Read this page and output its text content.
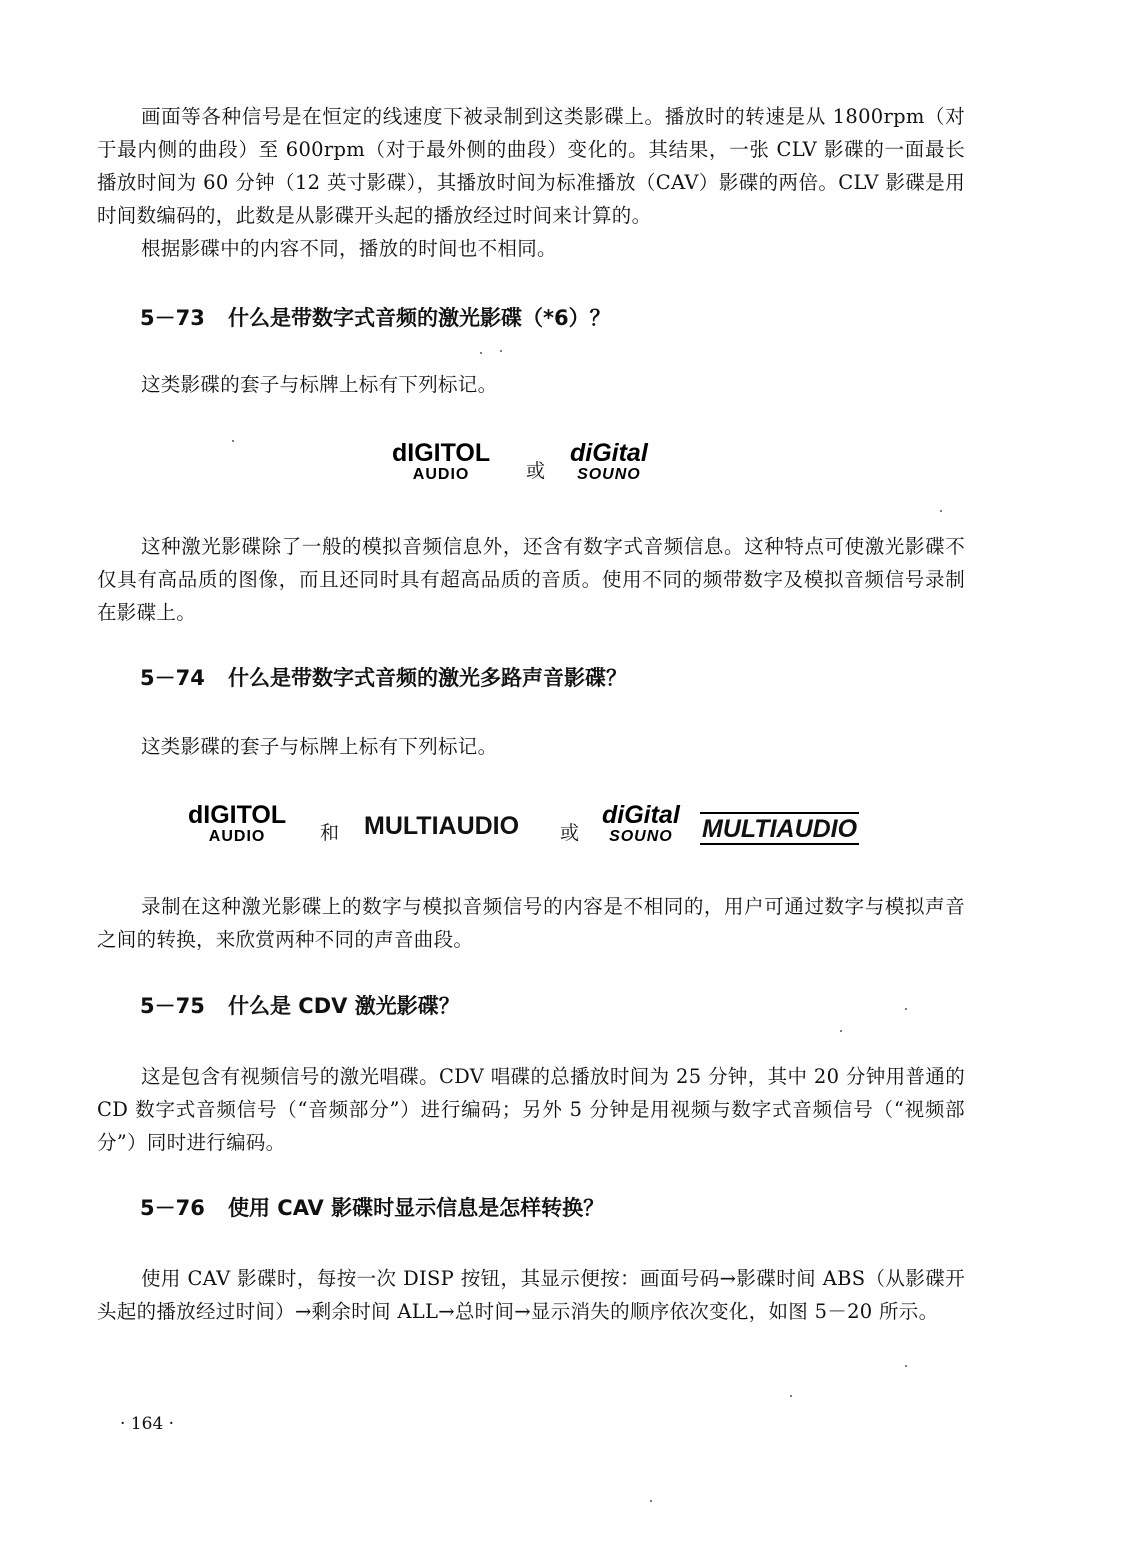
画面等各种信号是在恒定的线速度下被录制到这类影碟上。播放时的转速是从 1800rpm（对于最内侧的曲段）至 600rpm（对于最外侧的曲段）变化的。其结果，一张 CLV 影碟的一面最长播放时间为 60 分钟（12 英寸影碟），其播放时间为标准播放（CAV）影碟的两倍。CLV 影碟是用时间数编码的，此数是从影碟开头起的播放经过时间来计算的。
根据影碟中的内容不同，播放的时间也不相同。
5－73 什么是带数字式音频的激光影碟（*6）？
这类影碟的套子与标牌上标有下列标记。
dIGITOL
AUDIO	或
diGital
SOUNO
这种激光影碟除了一般的模拟音频信息外，还含有数字式音频信息。这种特点可使激光影碟不仅具有高品质的图像，而且还同时具有超高品质的音质。使用不同的频带数字及模拟音频信号录制在影碟上。
5－74 什么是带数字式音频的激光多路声音影碟？
这类影碟的套子与标牌上标有下列标记。
dIGITOL
AUDIO	和 MULTIAUDIO 或
diGital
SOUNO MULTIAUDIO
录制在这种激光影碟上的数字与模拟音频信号的内容是不相同的，用户可通过数字与模拟声音之间的转换，来欣赏两种不同的声音曲段。
5－75 什么是 CDV 激光影碟？
这是包含有视频信号的激光唱碟。CDV 唱碟的总播放时间为 25 分钟，其中 20 分钟用普通的 CD 数字式音频信号（“音频部分”）进行编码；另外 5 分钟是用视频与数字式音频信号（“视频部分”）同时进行编码。
5－76 使用 CAV 影碟时显示信息是怎样转换？
使用 CAV 影碟时，每按一次 DISP 按钮，其显示便按：画面号码→影碟时间 ABS（从影碟开头起的播放经过时间）→剩余时间 ALL→总时间→显示消失的顺序依次变化，如图 5－20 所示。
· 164 ·
